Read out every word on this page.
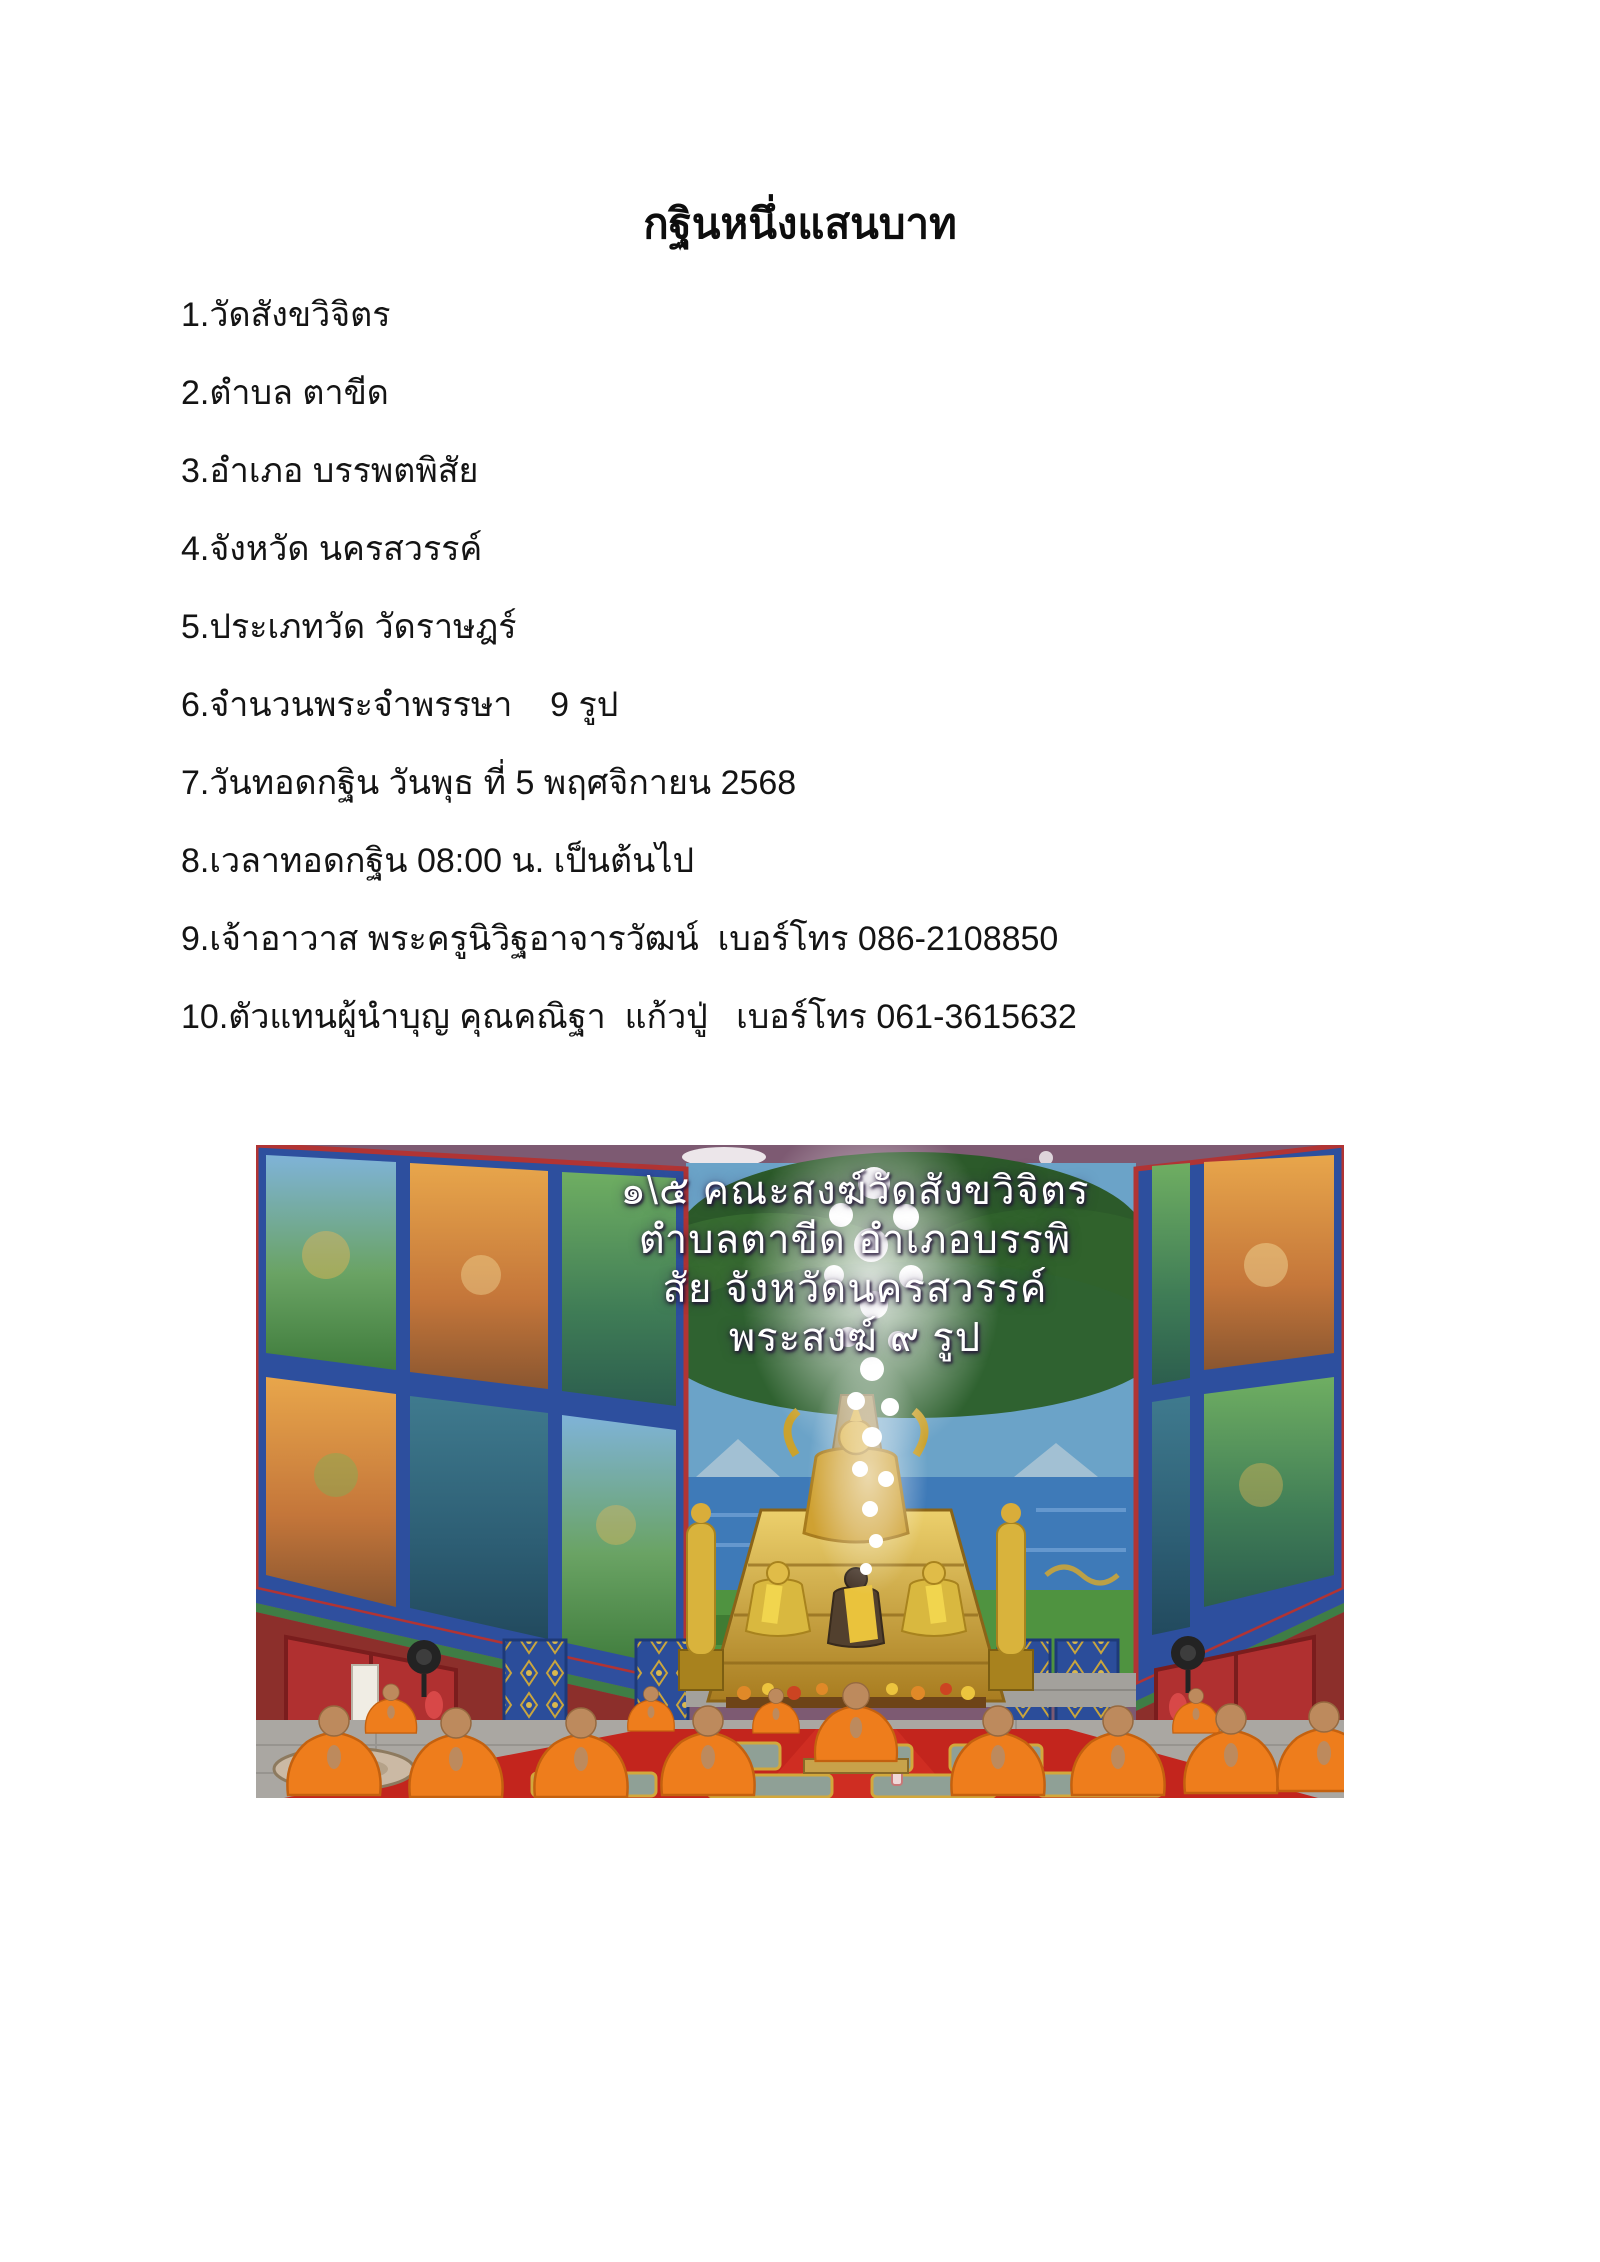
กฐินหนึ่งแสนบาท
1.วัดสังขวิจิตร
2.ตำบล ตาขีด
3.อำเภอ บรรพตพิสัย
4.จังหวัด นครสวรรค์
5.ประเภทวัด วัดราษฎร์
6.จำนวนพระจำพรรษา    9 รูป
7.วันทอดกฐิน วันพุธ ที่ 5 พฤศจิกายน 2568
8.เวลาทอดกฐิน 08:00 น. เป็นต้นไป
9.เจ้าอาวาส พระครูนิวิฐอาจารวัฒน์  เบอร์โทร 086-2108850
10.ตัวแทนผู้นำบุญ คุณคณิฐา  แก้วปู่   เบอร์โทร 061-3615632
๑\๕ คณะสงฆ์วัดสังขวิจิตร
ตำบลตาขีด อำเภอบรรพิ
สัย จังหวัดนครสวรรค์
พระสงฆ์ ๙ รูป
